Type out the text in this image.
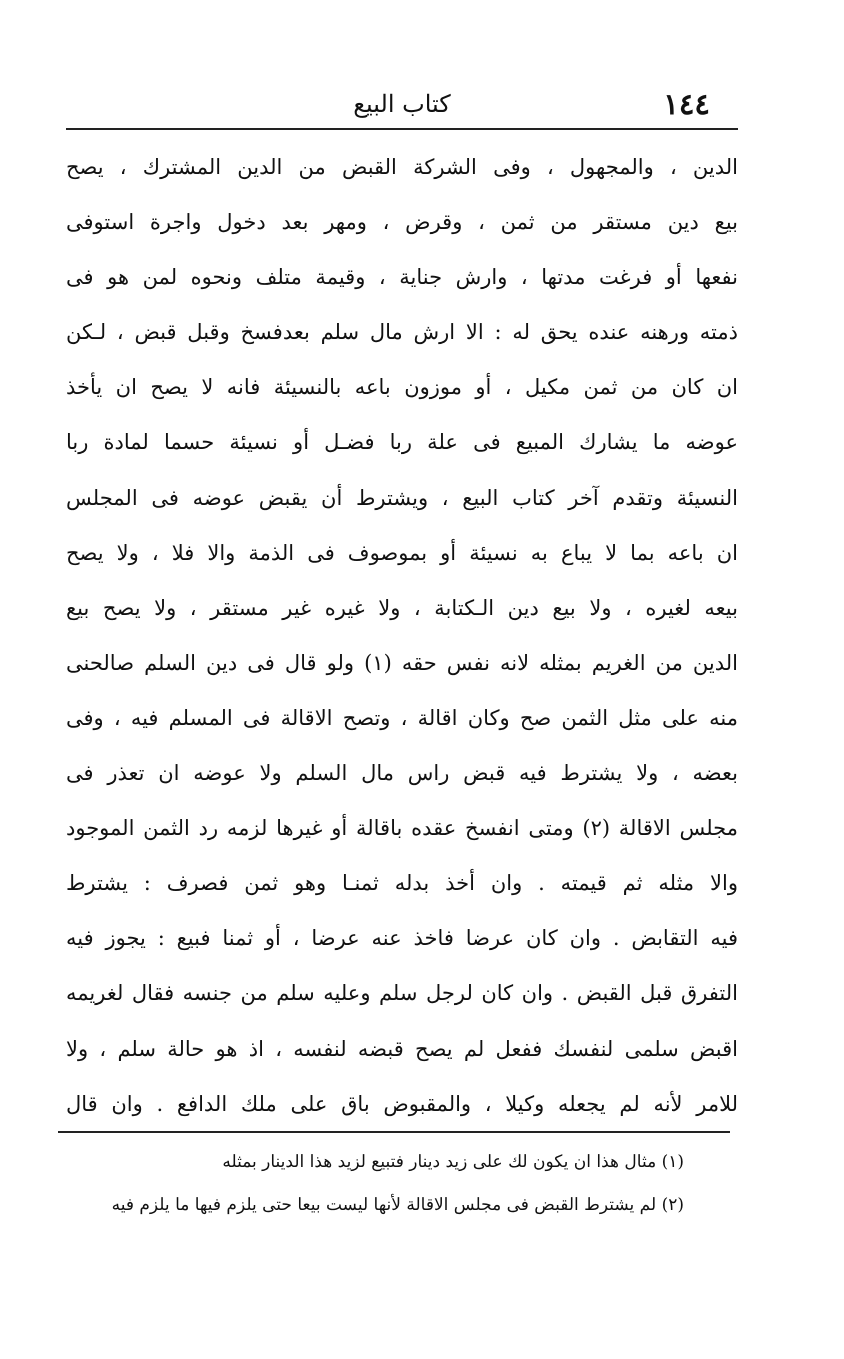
١٤٤
كتاب البيع
الدين ، والمجهول ، وفى الشركة القبض من الدين المشترك ، يصح
بيع دين مستقر من ثمن ، وقرض ، ومهر بعد دخول واجرة استوفى
نفعها أو فرغت مدتها ، وارش جناية ، وقيمة متلف ونحوه لمن هو فى
ذمته ورهنه عنده يحق له : الا ارش مال سلم بعدفسخ وقبل قبض ، لـكن
ان كان من ثمن مكيل ، أو موزون باعه بالنسيئة فانه لا يصح ان يأخذ
عوضه ما يشارك المبيع فى علة ربا فضـل أو نسيئة حسما لمادة ربا
النسيئة وتقدم آخر كتاب البيع ، ويشترط أن يقبض عوضه فى المجلس
ان باعه بما لا يباع به نسيئة أو بموصوف فى الذمة والا فلا ، ولا يصح
بيعه لغيره ، ولا بيع دين الـكتابة ، ولا غيره غير مستقر ، ولا يصح بيع
الدين من الغريم بمثله لانه نفس حقه (١) ولو قال فى دين السلم صالحنى
منه على مثل الثمن صح وكان اقالة ، وتصح الاقالة فى المسلم فيه ، وفى
بعضه ، ولا يشترط فيه قبض راس مال السلم ولا عوضه ان تعذر فى
مجلس الاقالة (٢) ومتى انفسخ عقده باقالة أو غيرها لزمه رد الثمن الموجود
والا مثله ثم قيمته . وان أخذ بدله ثمنـا وهو ثمن فصرف : يشترط
فيه التقابض . وان كان عرضا فاخذ عنه عرضا ، أو ثمنا فبيع : يجوز فيه
التفرق قبل القبض . وان كان لرجل سلم وعليه سلم من جنسه فقال لغريمه
اقبض سلمى لنفسك ففعل لم يصح قبضه لنفسه ، اذ هو حالة سلم ، ولا
للامر لأنه لم يجعله وكيلا ، والمقبوض باق على ملك الدافع . وان قال
(١) مثال هذا ان يكون لك على زيد دينار فتبيع لزيد هذا الدينار بمثله
(٢) لم يشترط القبض فى مجلس الاقالة لأنها ليست بيعا حتى يلزم فيها ما يلزم فيه
